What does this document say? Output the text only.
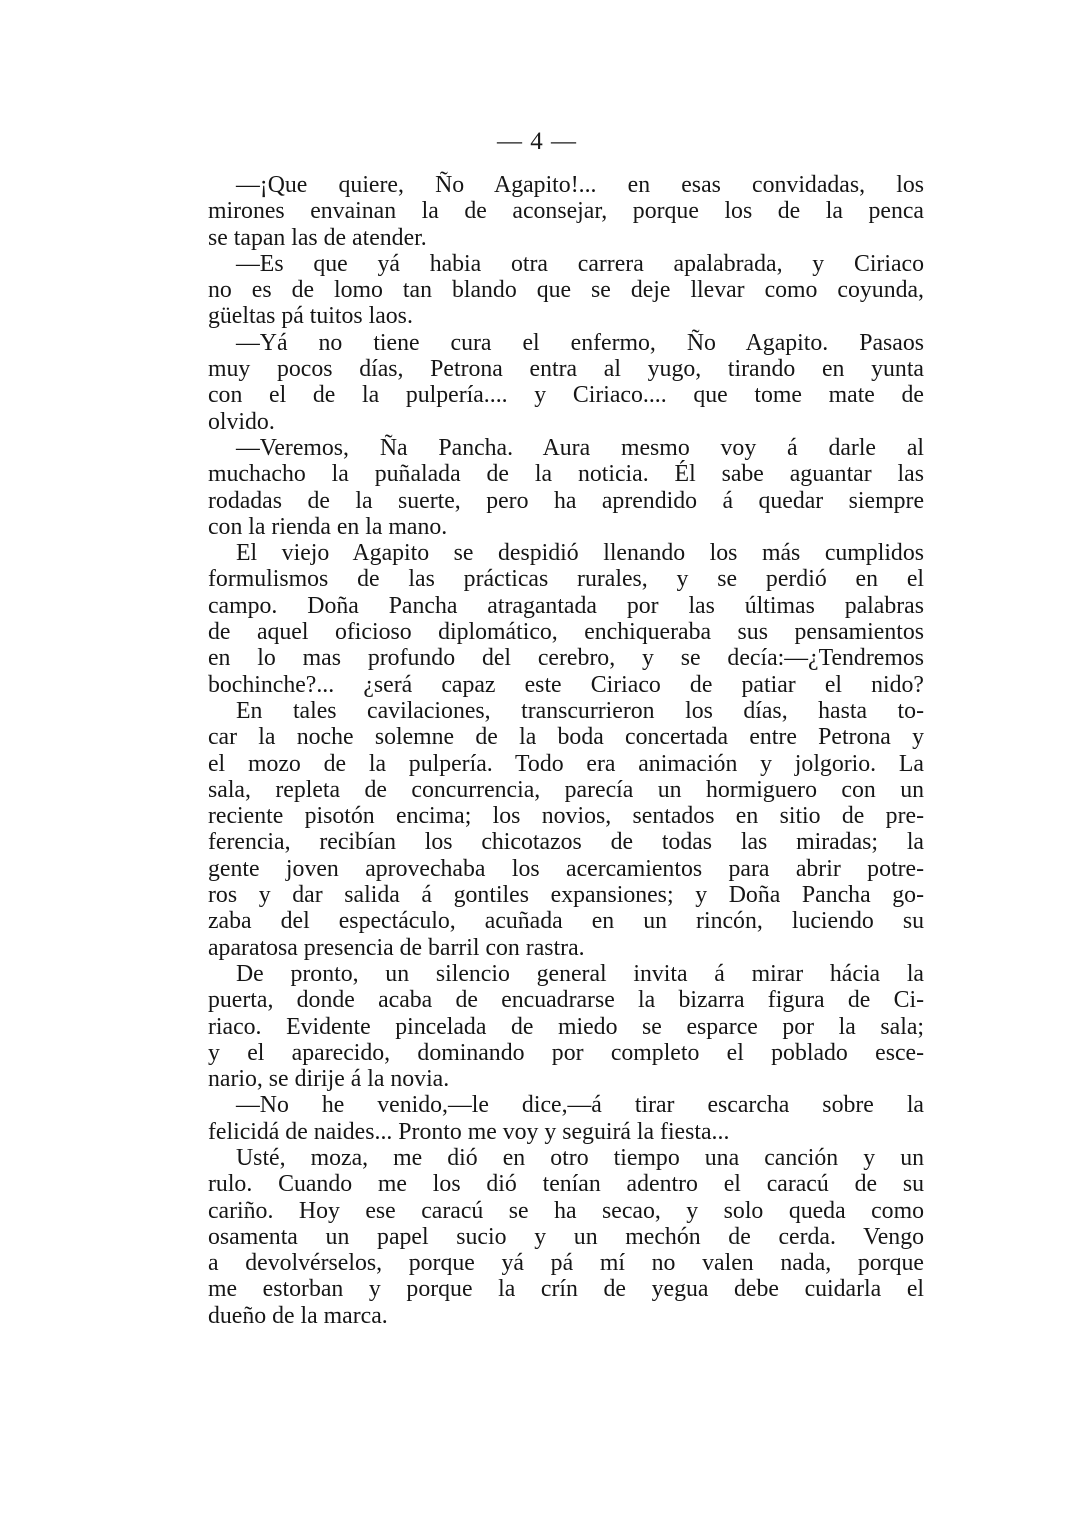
— 4 —
—¡Que quiere, Ño Agapito!... en esas convidadas, los
mirones envainan la de aconsejar, porque los de la penca
se tapan las de atender.
—Es que yá habia otra carrera apalabrada, y Ciriaco
no es de lomo tan blando que se deje llevar como coyunda,
güeltas pá tuitos laos.
—Yá no tiene cura el enfermo, Ño Agapito. Pasaos
muy pocos días, Petrona entra al yugo, tirando en yunta
con el de la pulpería.... y Ciriaco.... que tome mate de
olvido.
—Veremos, Ña Pancha. Aura mesmo voy á darle al
muchacho la puñalada de la noticia. Él sabe aguantar las
rodadas de la suerte, pero ha aprendido á quedar siempre
con la rienda en la mano.
El viejo Agapito se despidió llenando los más cumplidos
formulismos de las prácticas rurales, y se perdió en el
campo. Doña Pancha atragantada por las últimas palabras
de aquel oficioso diplomático, enchiqueraba sus pensamientos
en lo mas profundo del cerebro, y se decía:—¿Tendremos
bochinche?... ¿será capaz este Ciriaco de patiar el nido?
En tales cavilaciones, transcurrieron los días, hasta to-
car la noche solemne de la boda concertada entre Petrona y
el mozo de la pulpería. Todo era animación y jolgorio. La
sala, repleta de concurrencia, parecía un hormiguero con un
reciente pisotón encima; los novios, sentados en sitio de pre-
ferencia, recibían los chicotazos de todas las miradas; la
gente joven aprovechaba los acercamientos para abrir potre-
ros y dar salida á gontiles expansiones; y Doña Pancha go-
zaba del espectáculo, acuñada en un rincón, luciendo su
aparatosa presencia de barril con rastra.
De pronto, un silencio general invita á mirar hácia la
puerta, donde acaba de encuadrarse la bizarra figura de Ci-
riaco. Evidente pincelada de miedo se esparce por la sala;
y el aparecido, dominando por completo el poblado esce-
nario, se dirije á la novia.
—No he venido,—le dice,—á tirar escarcha sobre la
felicidá de naides... Pronto me voy y seguirá la fiesta...
Usté, moza, me dió en otro tiempo una canción y un
rulo. Cuando me los dió tenían adentro el caracú de su
cariño. Hoy ese caracú se ha secao, y solo queda como
osamenta un papel sucio y un mechón de cerda. Vengo
a devolvérselos, porque yá pá mí no valen nada, porque
me estorban y porque la crín de yegua debe cuidarla el
dueño de la marca.
